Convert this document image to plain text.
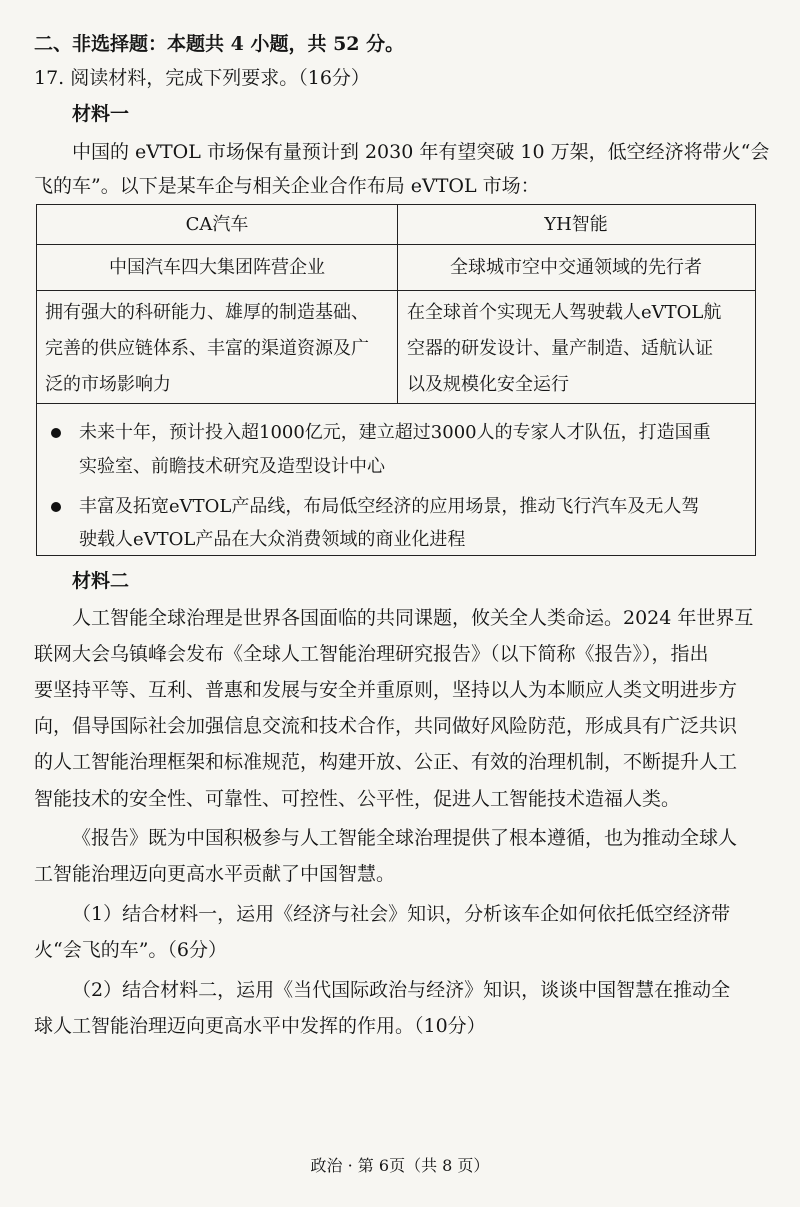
二、非选择题：本题共 4 小题，共 52 分。
17. 阅读材料，完成下列要求。（16分）
材料一
中国的 eVTOL 市场保有量预计到 2030 年有望突破 10 万架，低空经济将带火“会
飞的车”。以下是某车企与相关企业合作布局 eVTOL 市场：
CA汽车	YH智能
中国汽车四大集团阵营企业	全球城市空中交通领域的先行者
拥有强大的科研能力、雄厚的制造基础、
完善的供应链体系、丰富的渠道资源及广
泛的市场影响力
在全球首个实现无人驾驶载人eVTOL航
空器的研发设计、量产制造、适航认证
以及规模化安全运行
未来十年，预计投入超1000亿元，建立超过3000人的专家人才队伍，打造国重
实验室、前瞻技术研究及造型设计中心
丰富及拓宽eVTOL产品线，布局低空经济的应用场景，推动飞行汽车及无人驾
驶载人eVTOL产品在大众消费领域的商业化进程
材料二
人工智能全球治理是世界各国面临的共同课题，攸关全人类命运。2024 年世界互
联网大会乌镇峰会发布《全球人工智能治理研究报告》（以下简称《报告》），指出
要坚持平等、互利、普惠和发展与安全并重原则，坚持以人为本顺应人类文明进步方
向，倡导国际社会加强信息交流和技术合作，共同做好风险防范，形成具有广泛共识
的人工智能治理框架和标准规范，构建开放、公正、有效的治理机制，不断提升人工
智能技术的安全性、可靠性、可控性、公平性，促进人工智能技术造福人类。
《报告》既为中国积极参与人工智能全球治理提供了根本遵循，也为推动全球人
工智能治理迈向更高水平贡献了中国智慧。
（1）结合材料一，运用《经济与社会》知识，分析该车企如何依托低空经济带
火“会飞的车”。（6分）
（2）结合材料二，运用《当代国际政治与经济》知识，谈谈中国智慧在推动全
球人工智能治理迈向更高水平中发挥的作用。（10分）
政治 · 第 6页（共 8 页）
